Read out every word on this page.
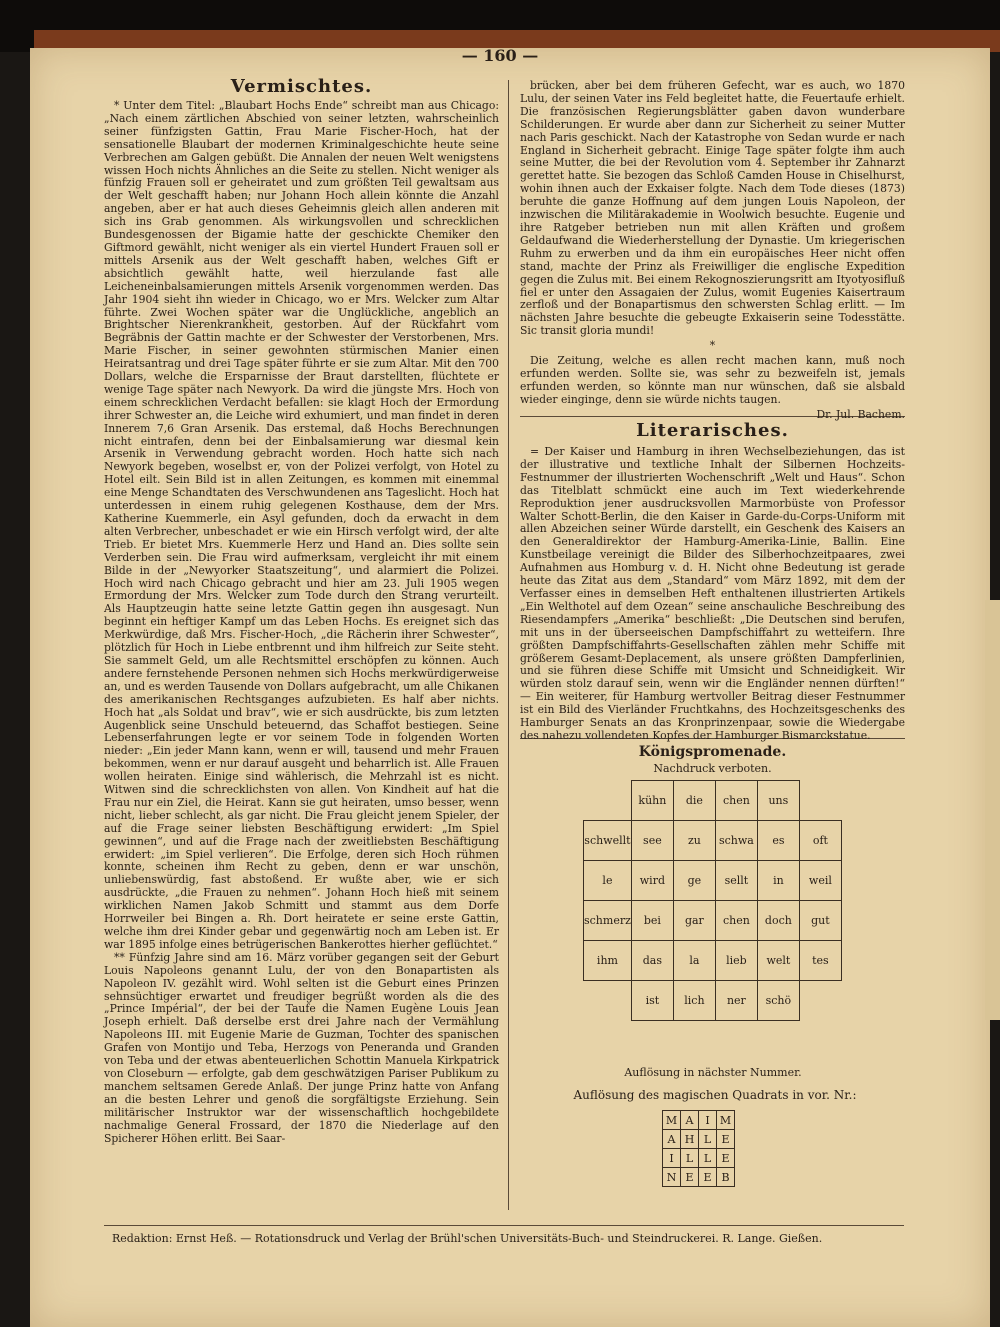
— 160 —
Vermischtes.

* Unter dem Titel: „Blaubart Hochs Ende“ schreibt man aus Chicago: „Nach einem zärtlichen Abschied von seiner letzten, wahrscheinlich seiner fünfzigsten Gattin, Frau Marie Fischer-Hoch, hat der sensationelle Blaubart der modernen Kriminalgeschichte heute seine Verbrechen am Galgen gebüßt. Die Annalen der neuen Welt wenigstens wissen Hoch nichts Ähnliches an die Seite zu stellen. Nicht weniger als fünfzig Frauen soll er geheiratet und zum größten Teil gewaltsam aus der Welt geschafft haben; nur Johann Hoch allein könnte die Anzahl angeben, aber er hat auch dieses Geheimnis gleich allen anderen mit sich ins Grab genommen. Als wirkungsvollen und schrecklichen Bundesgenossen der Bigamie hatte der geschickte Chemiker den Giftmord gewählt, nicht weniger als ein viertel Hundert Frauen soll er mittels Arsenik aus der Welt geschafft haben, welches Gift er absichtlich gewählt hatte, weil hierzulande fast alle Leicheneinbalsamierungen mittels Arsenik vorgenommen werden. Das Jahr 1904 sieht ihn wieder in Chicago, wo er Mrs. Welcker zum Altar führte. Zwei Wochen später war die Unglückliche, angeblich an Brightscher Nierenkrankheit, gestorben. Auf der Rückfahrt vom Begräbnis der Gattin machte er der Schwester der Verstorbenen, Mrs. Marie Fischer, in seiner gewohnten stürmischen Manier einen Heiratsantrag und drei Tage später führte er sie zum Altar. Mit den 700 Dollars, welche die Ersparnisse der Braut darstellten, flüchtete er wenige Tage später nach Newyork. Da wird die jüngste Mrs. Hoch von einem schrecklichen Verdacht befallen: sie klagt Hoch der Ermordung ihrer Schwester an, die Leiche wird exhumiert, und man findet in deren Innerem 7,6 Gran Arsenik. Das erstemal, daß Hochs Berechnungen nicht eintrafen, denn bei der Einbalsamierung war diesmal kein Arsenik in Verwendung gebracht worden. Hoch hatte sich nach Newyork begeben, woselbst er, von der Polizei verfolgt, von Hotel zu Hotel eilt. Sein Bild ist in allen Zeitungen, es kommen mit einemmal eine Menge Schandtaten des Verschwundenen ans Tageslicht. Hoch hat unterdessen in einem ruhig gelegenen Kosthause, dem der Mrs. Katherine Kuemmerle, ein Asyl gefunden, doch da erwacht in dem alten Verbrecher, unbeschadet er wie ein Hirsch verfolgt wird, der alte Trieb. Er bietet Mrs. Kuemmerle Herz und Hand an. Dies sollte sein Verderben sein. Die Frau wird aufmerksam, vergleicht ihr mit einem Bilde in der „Newyorker Staatszeitung“, und alarmiert die Polizei. Hoch wird nach Chicago gebracht und hier am 23. Juli 1905 wegen Ermordung der Mrs. Welcker zum Tode durch den Strang verurteilt. Als Hauptzeugin hatte seine letzte Gattin gegen ihn ausgesagt. Nun beginnt ein heftiger Kampf um das Leben Hochs. Es ereignet sich das Merkwürdige, daß Mrs. Fischer-Hoch, „die Rächerin ihrer Schwester“, plötzlich für Hoch in Liebe entbrennt und ihm hilfreich zur Seite steht. Sie sammelt Geld, um alle Rechtsmittel erschöpfen zu können. Auch andere fernstehende Personen nehmen sich Hochs merkwürdigerweise an, und es werden Tausende von Dollars aufgebracht, um alle Chikanen des amerikanischen Rechtsganges aufzubieten. Es half aber nichts. Hoch hat „als Soldat und brav“, wie er sich ausdrückte, bis zum letzten Augenblick seine Unschuld beteuernd, das Schaffot bestiegen. Seine Lebenserfahrungen legte er vor seinem Tode in folgenden Worten nieder: „Ein jeder Mann kann, wenn er will, tausend und mehr Frauen bekommen, wenn er nur darauf ausgeht und beharrlich ist. Alle Frauen wollen heiraten. Einige sind wählerisch, die Mehrzahl ist es nicht. Witwen sind die schrecklichsten von allen. Von Kindheit auf hat die Frau nur ein Ziel, die Heirat. Kann sie gut heiraten, umso besser, wenn nicht, lieber schlecht, als gar nicht. Die Frau gleicht jenem Spieler, der auf die Frage seiner liebsten Beschäftigung erwidert: „Im Spiel gewinnen“, und auf die Frage nach der zweitliebsten Beschäftigung erwidert: „im Spiel verlieren“. Die Erfolge, deren sich Hoch rühmen konnte, scheinen ihm Recht zu geben, denn er war unschön, unliebenswürdig, fast abstoßend. Er wußte aber, wie er sich ausdrückte, „die Frauen zu nehmen“. Johann Hoch hieß mit seinem wirklichen Namen Jakob Schmitt und stammt aus dem Dorfe Horrweiler bei Bingen a. Rh. Dort heiratete er seine erste Gattin, welche ihm drei Kinder gebar und gegenwärtig noch am Leben ist. Er war 1895 infolge eines betrügerischen Bankerottes hierher geflüchtet.“

** Fünfzig Jahre sind am 16. März vorüber gegangen seit der Geburt Louis Napoleons genannt Lulu, der von den Bonapartisten als Napoleon IV. gezählt wird. Wohl selten ist die Geburt eines Prinzen sehnsüchtiger erwartet und freudiger begrüßt worden als die des „Prince Impérial“, der bei der Taufe die Namen Eugène Louis Jean Joseph erhielt. Daß derselbe erst drei Jahre nach der Vermählung Napoleons III. mit Eugenie Marie de Guzman, Tochter des spanischen Grafen von Montijo und Teba, Herzogs von Peneranda und Granden von Teba und der etwas abenteuerlichen Schottin Manuela Kirkpatrick von Closeburn — erfolgte, gab dem geschwätzigen Pariser Publikum zu manchem seltsamen Gerede Anlaß. Der junge Prinz hatte von Anfang an die besten Lehrer und genoß die sorgfältigste Erziehung. Sein militärischer Instruktor war der wissenschaftlich hochgebildete nachmalige General Frossard, der 1870 die Niederlage auf den Spicherer Höhen erlitt. Bei Saar-

brücken, aber bei dem früheren Gefecht, war es auch, wo 1870 Lulu, der seinen Vater ins Feld begleitet hatte, die Feuertaufe erhielt. Die französischen Regierungsblätter gaben davon wunderbare Schilderungen. Er wurde aber dann zur Sicherheit zu seiner Mutter nach Paris geschickt. Nach der Katastrophe von Sedan wurde er nach England in Sicherheit gebracht. Einige Tage später folgte ihm auch seine Mutter, die bei der Revolution vom 4. September ihr Zahnarzt gerettet hatte. Sie bezogen das Schloß Camden House in Chiselhurst, wohin ihnen auch der Exkaiser folgte. Nach dem Tode dieses (1873) beruhte die ganze Hoffnung auf dem jungen Louis Napoleon, der inzwischen die Militärakademie in Woolwich besuchte. Eugenie und ihre Ratgeber betrieben nun mit allen Kräften und großem Geldaufwand die Wiederherstellung der Dynastie. Um kriegerischen Ruhm zu erwerben und da ihm ein europäisches Heer nicht offen stand, machte der Prinz als Freiwilliger die englische Expedition gegen die Zulus mit. Bei einem Rekognoszierungsritt am Ityotyosifluß fiel er unter den Assagaien der Zulus, womit Eugenies Kaisertraum zerfloß und der Bonapartismus den schwersten Schlag erlitt. — Im nächsten Jahre besuchte die gebeugte Exkaiserin seine Todesstätte. Sic transit gloria mundi!

*

Die Zeitung, welche es allen recht machen kann, muß noch erfunden werden. Sollte sie, was sehr zu bezweifeln ist, jemals erfunden werden, so könnte man nur wünschen, daß sie alsbald wieder einginge, denn sie würde nichts taugen.

Dr. Jul. Bachem.
Literarisches.

= Der Kaiser und Hamburg in ihren Wechselbeziehungen, das ist der illustrative und textliche Inhalt der Silbernen Hochzeits-Festnummer der illustrierten Wochenschrift „Welt und Haus“. Schon das Titelblatt schmückt eine auch im Text wiederkehrende Reproduktion jener ausdrucksvollen Marmorbüste von Professor Walter Schott-Berlin, die den Kaiser in Garde-du-Corps-Uniform mit allen Abzeichen seiner Würde darstellt, ein Geschenk des Kaisers an den Generaldirektor der Hamburg-Amerika-Linie, Ballin. Eine Kunstbeilage vereinigt die Bilder des Silberhochzeitpaares, zwei Aufnahmen aus Homburg v. d. H. Nicht ohne Bedeutung ist gerade heute das Zitat aus dem „Standard“ vom März 1892, mit dem der Verfasser eines in demselben Heft enthaltenen illustrierten Artikels „Ein Welthotel auf dem Ozean“ seine anschauliche Beschreibung des Riesendampfers „Amerika“ beschließt: „Die Deutschen sind berufen, mit uns in der überseeischen Dampfschiffahrt zu wetteifern. Ihre größten Dampfschiffahrts-Gesellschaften zählen mehr Schiffe mit größerem Gesamt-Deplacement, als unsere größten Dampferlinien, und sie führen diese Schiffe mit Umsicht und Schneidigkeit. Wir würden stolz darauf sein, wenn wir die Engländer nennen dürften!“ — Ein weiterer, für Hamburg wertvoller Beitrag dieser Festnummer ist ein Bild des Vierländer Fruchtkahns, des Hochzeitsgeschenks des Hamburger Senats an das Kronprinzenpaar, sowie die Wiedergabe des nahezu vollendeten Kopfes der Hamburger Bismarckstatue.

Königspromenade.
Nachdruck verboten.
	kühn	die	chen	uns	
schwellt	see	zu	schwa	es	oft
le	wird	ge	sellt	in	weil
schmerz	bei	gar	chen	doch	gut
ihm	das	la	lieb	welt	tes
	ist	lich	ner	schö	
Auflösung in nächster Nummer.
Auflösung des magischen Quadrats in vor. Nr.:
M	A	I	M
A	H	L	E
I	L	L	E
N	E	E	B
Redaktion: Ernst Heß. — Rotationsdruck und Verlag der Brühl'schen Universitäts-Buch- und Steindruckerei. R. Lange. Gießen.
